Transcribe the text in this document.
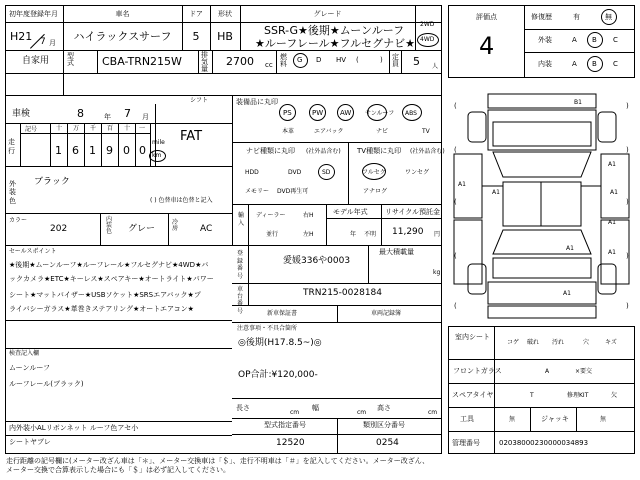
初年度登録年月
H21 7 月
車名
ハイラックスサーフ
ドア
5
形状
HB
グレード
SSR-G★後期★ムーンルーフ
★ルーフレール★フルセグナビ★
2WD
4WD
自家用	型式	CBA-TRN215W	排気量
2700 cc
燃料 G D HV (	) 定員 5 人
車検	8	年 7 月
シフト
FAT
走行
記号	十 万 千 百 十 一
1 6 1 9 0 0 km
mile
外装色
ブラック
( ) 色替車は色替と記入
カラー
202
内装色 グレー
冷房 AC
装備品に丸印
PS	PW AW サンルーフ ABS
本革	エアバック	ナビ	TV
ナビ種類に丸印 (社外品含む)
HDD	DVD	SD
メモリー DVD再生可
TV種類に丸印 (社外品含む)
フルセグ	ワンセグ
アナログ
輸入
ディーラー
並行
右H
左H
モデル年式
年 不明
リサイクル預託金
11,290 円
セールスポイント
★後期★ムーンルーフ★ルーフレール★フルセグナビ★4WD★バ
ックカメラ★ETC★キーレス★スペアキー★オートライト★パワー
シート★マットバイザー★USBソケット★SRSエアバック★プ
ライバシーガラス★革巻きステアリング★オートエアコン★
検査記入欄
ムーンルーフ
ルーフレール(ブラック)
内外装小ALリボンネット ルーフ色アセ小
シートヤブレ
登録番号
愛媛336や0003
最大積載量
kg
車台番号
TRN215-0028184
新車保証書	車両記録簿
注意事項・不具合箇所
◎後期(H17.8.5~)◎
OP合計:¥120,000-
長さ
cm
幅
cm
高さ
cm
型式指定番号
12520
類別区分番号
0254
評価点
4
修復歴	有	無
外装	A B C
内装	A B C
B1
A1
A1
A1
A1
A1
A1
A1
A1
(
(
(
(
(
)
)
)
)
)
室内シート
コゲ 破れ 汚れ	穴	キズ
フロントガラス	A	×要交
スペアタイヤ	T	修理KIT	欠
工具	無	ジャッキ	無
管理番号	02038000230000034893
走行距離の記号欄に(メーター改ざん車は「＊」、メーター交換車は「＄」、走行不明車は「＃」を記入してください。メーター改ざん、
メーター交換で合算表示した場合にも「＄」は必ず記入してください。
